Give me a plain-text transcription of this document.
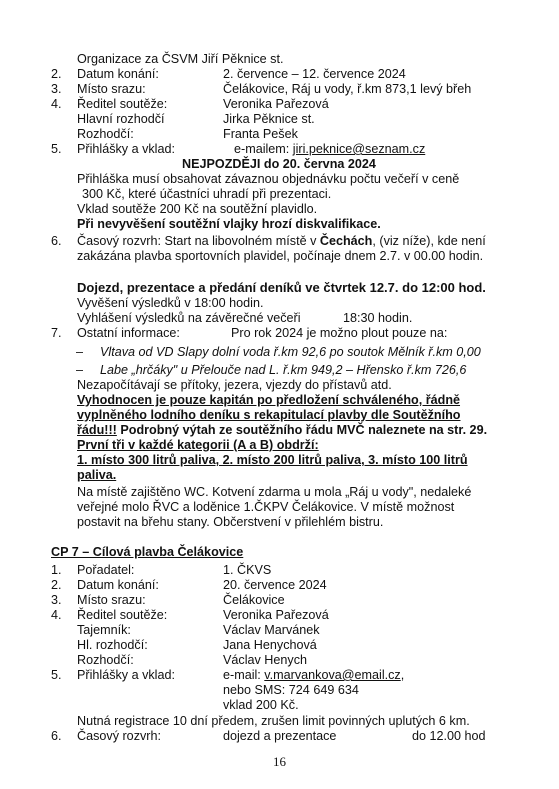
Organizace za ČSVM Jiří Pěknice st.
2. Datum konání:	2. července – 12. července 2024
3. Místo srazu:	Čelákovice, Ráj u vody, ř.km 873,1 levý břeh
4. Ředitel soutěže:	Veronika Pařezová
Hlavní rozhodčí	Jirka Pěknice st.
Rozhodčí:	Franta Pešek
5. Přihlášky a vklad:	e-mailem: jiri.peknice@seznam.cz
NEJPOZDĚJI do 20. června 2024
Přihláška musí obsahovat závaznou objednávku počtu večeří v ceně
300 Kč, které účastníci uhradí při prezentaci.
Vklad soutěže 200 Kč na soutěžní plavidlo.
Při nevyvěšení soutěžní vlajky hrozí diskvalifikace.
6. Časový rozvrh: Start na libovolném místě v Čechách, (viz níže), kde není
zakázána plavba sportovních plavidel, počínaje dnem 2.7. v 00.00 hodin.
Dojezd, prezentace a předání deníků ve čtvrtek 12.7. do 12:00 hod.
Vyvěšení výsledků v 18:00 hodin.
Vyhlášení výsledků na závěrečné večeři	18:30 hodin.
7. Ostatní informace:	Pro rok 2024 je možno plout pouze na:
– Vltava od VD Slapy dolní voda ř.km 92,6 po soutok Mělník ř.km 0,00
– Labe „hrčáky" u Přelouče nad L. ř.km 949,2 – Hřensko ř.km 726,6
Nezapočítávají se přítoky, jezera, vjezdy do přístavů atd.
Vyhodnocen je pouze kapitán po předložení schváleného, řádně
vyplněného lodního deníku s rekapitulací plavby dle Soutěžního
řádu!!! Podrobný výtah ze soutěžního řádu MVČ naleznete na str. 29.
První tři v každé kategorii (A a B) obdrží:
1. místo 300 litrů paliva, 2. místo 200 litrů paliva, 3. místo 100 litrů
paliva.
Na místě zajištěno WC. Kotvení zdarma u mola „Ráj u vody", nedaleké
veřejné molo ŘVC a loděnice 1.ČKPV Čelákovice. V místě možnost
postavit na břehu stany. Občerstvení v přilehlém bistru.
CP 7 – Cílová plavba Čelákovice
1. Pořadatel:	1. ČKVS
2. Datum konání:	20. července 2024
3. Místo srazu:	Čelákovice
4. Ředitel soutěže:	Veronika Pařezová
Tajemník:	Václav Marvánek
Hl. rozhodčí:	Jana Henychová
Rozhodčí:	Václav Henych
5. Přihlášky a vklad:	e-mail: v.marvankova@email.cz,
nebo SMS: 724 649 634
vklad 200 Kč.
Nutná registrace 10 dní předem, zrušen limit povinných uplutých 6 km.
6. Časový rozvrh:	dojezd a prezentace	do 12.00 hod
16
